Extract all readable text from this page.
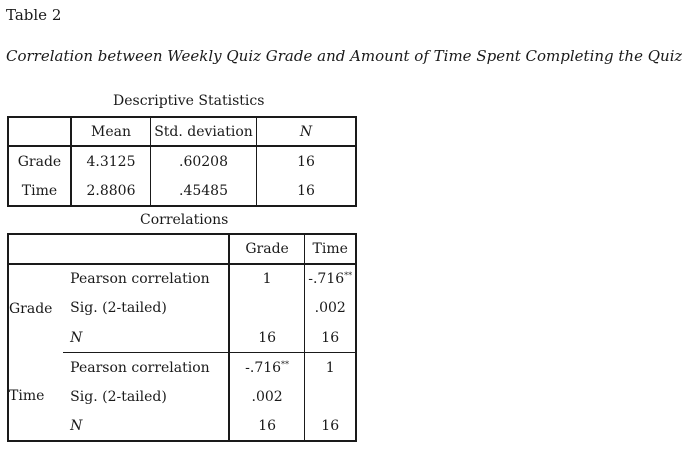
Table 2
Correlation between Weekly Quiz Grade and Amount of Time Spent Completing the Quiz
Descriptive Statistics
	Mean	Std. deviation	N
Grade	4.3125	.60208	16
Time	2.8806	.45485	16
Correlations
		Grade	Time
Grade	Pearson correlation	1	-.716**
	Sig. (2-tailed)		.002
	N	16	16
Time	Pearson correlation	-.716**	1
	Sig. (2-tailed)	.002	
	N	16	16
